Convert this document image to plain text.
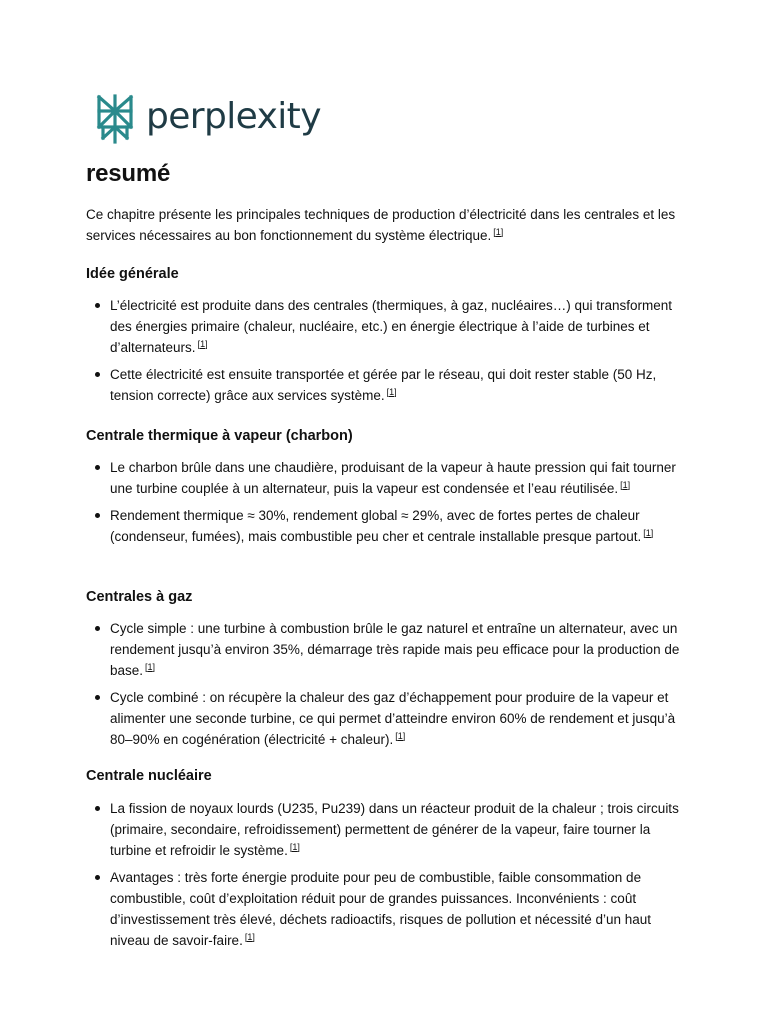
perplexity
resumé

Ce chapitre présente les principales techniques de production d’électricité dans les centrales et les services nécessaires au bon fonctionnement du système électrique. [1]

Idée générale
L’électricité est produite dans des centrales (thermiques, à gaz, nucléaires…) qui transforment des énergies primaire (chaleur, nucléaire, etc.) en énergie électrique à l’aide de turbines et d’alternateurs. [1]
Cette électricité est ensuite transportée et gérée par le réseau, qui doit rester stable (50 Hz, tension correcte) grâce aux services système. [1]
Centrale thermique à vapeur (charbon)
Le charbon brûle dans une chaudière, produisant de la vapeur à haute pression qui fait tourner une turbine couplée à un alternateur, puis la vapeur est condensée et l’eau réutilisée. [1]
Rendement thermique ≈ 30%, rendement global ≈ 29%, avec de fortes pertes de chaleur (condenseur, fumées), mais combustible peu cher et centrale installable presque partout. [1]
Centrales à gaz
Cycle simple : une turbine à combustion brûle le gaz naturel et entraîne un alternateur, avec un rendement jusqu’à environ 35%, démarrage très rapide mais peu efficace pour la production de base. [1]
Cycle combiné : on récupère la chaleur des gaz d’échappement pour produire de la vapeur et alimenter une seconde turbine, ce qui permet d’atteindre environ 60% de rendement et jusqu’à 80–90% en cogénération (électricité + chaleur). [1]
Centrale nucléaire
La fission de noyaux lourds (U235, Pu239) dans un réacteur produit de la chaleur ; trois circuits (primaire, secondaire, refroidissement) permettent de générer de la vapeur, faire tourner la turbine et refroidir le système. [1]
Avantages : très forte énergie produite pour peu de combustible, faible consommation de combustible, coût d’exploitation réduit pour de grandes puissances. Inconvénients : coût d’investissement très élevé, déchets radioactifs, risques de pollution et nécessité d’un haut niveau de savoir-faire. [1]
